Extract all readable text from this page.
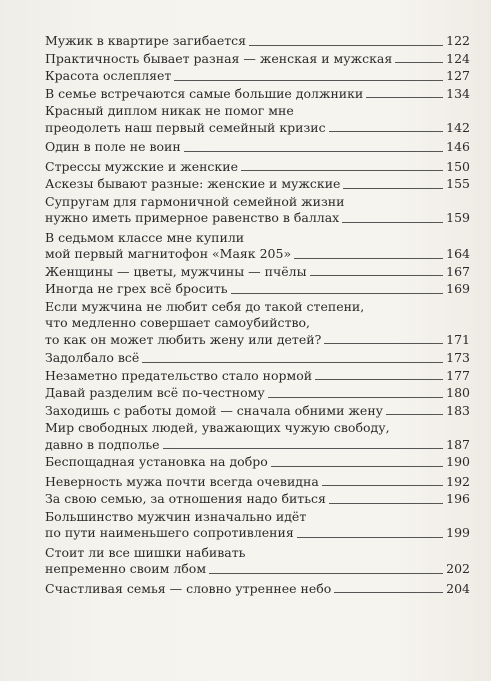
Мужик в квартире загибается	122
Практичность бывает разная — женская и мужская	124
Красота ослепляет	127
В семье встречаются самые большие должники	134
Красный диплом никак не помог мне
преодолеть наш первый семейный кризис	142
Один в поле не воин	146
Стрессы мужские и женские	150
Аскезы бывают разные: женские и мужские	155
Супругам для гармоничной семейной жизни
нужно иметь примерное равенство в баллах	159
В седьмом классе мне купили
мой первый магнитофон «Маяк 205»	164
Женщины — цветы, мужчины — пчёлы	167
Иногда не грех всё бросить	169
Если мужчина не любит себя до такой степени,
что медленно совершает самоубийство,
то как он может любить жену или детей?	171
Задолбало всё	173
Незаметно предательство стало нормой	177
Давай разделим всё по-честному	180
Заходишь с работы домой — сначала обними жену	183
Мир свободных людей, уважающих чужую свободу,
давно в подполье	187
Беспощадная установка на добро	190
Неверность мужа почти всегда очевидна	192
За свою семью, за отношения надо биться	196
Большинство мужчин изначально идёт
по пути наименьшего сопротивления	199
Стоит ли все шишки набивать
непременно своим лбом	202
Счастливая семья — словно утреннее небо	204
